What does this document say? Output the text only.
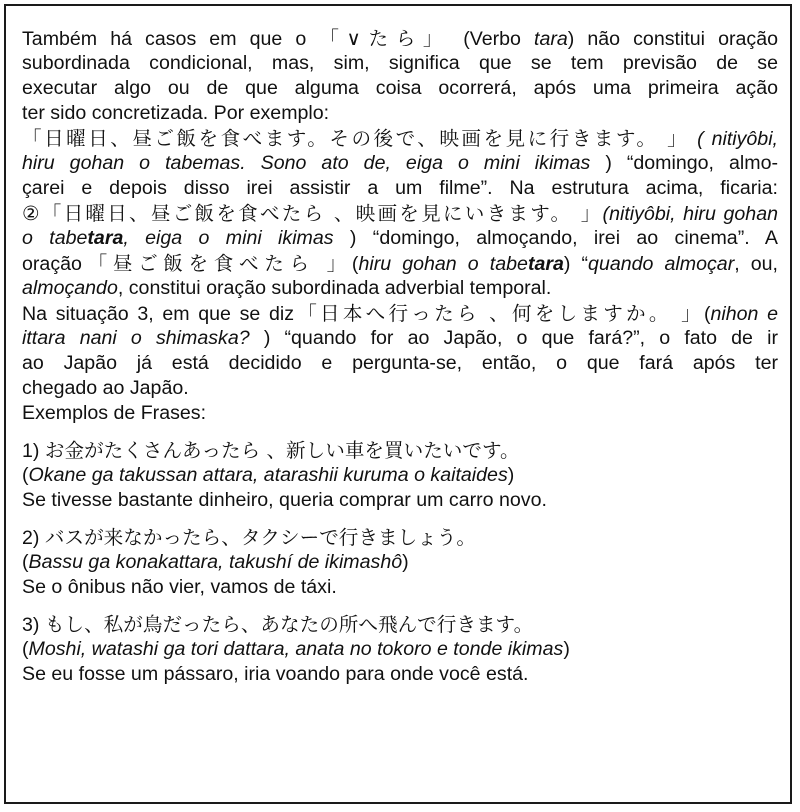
Também há casos em que o 「∨たら」 (Verbo tara) não constitui oração
subordinada condicional, mas, sim, significa que se tem previsão de se
executar algo ou de que alguma coisa ocorrerá, após uma primeira ação
ter sido concretizada. Por exemplo:
「日曜日、昼ご飯を食べます。その後で、映画を見に行きます。 」 ( nitiyôbi,
hiru gohan o tabemas. Sono ato de, eiga o mini ikimas ) “domingo, almo-
çarei e depois disso irei assistir a um filme”. Na estrutura acima, ficaria:
②「日曜日、昼ご飯を食べたら 、映画を見にいきます。 」(nitiyôbi, hiru gohan
o tabetara, eiga o mini ikimas ) “domingo, almoçando, irei ao cinema”. A
oração「昼ご飯を食べたら 」(hiru gohan o tabetara) “quando almoçar, ou,
almoçando, constitui oração subordinada adverbial temporal.
Na situação 3, em que se diz「日本へ行ったら 、何をしますか。 」(nihon e
ittara nani o shimaska? ) “quando for ao Japão, o que fará?”, o fato de ir
ao Japão já está decidido e pergunta-se, então, o que fará após ter
chegado ao Japão.
Exemplos de Frases:
1) お金がたくさんあったら 、新しい車を買いたいです。
(Okane ga takussan attara, atarashii kuruma o kaitaides)
Se tivesse bastante dinheiro, queria comprar um carro novo.
2) バスが来なかったら、タクシーで行きましょう。
(Bassu ga konakattara, takushí de ikimashô)
Se o ônibus não vier, vamos de táxi.
3) もし、私が鳥だったら、あなたの所へ飛んで行きます。
(Moshi, watashi ga tori dattara, anata no tokoro e tonde ikimas)
Se eu fosse um pássaro, iria voando para onde você está.
